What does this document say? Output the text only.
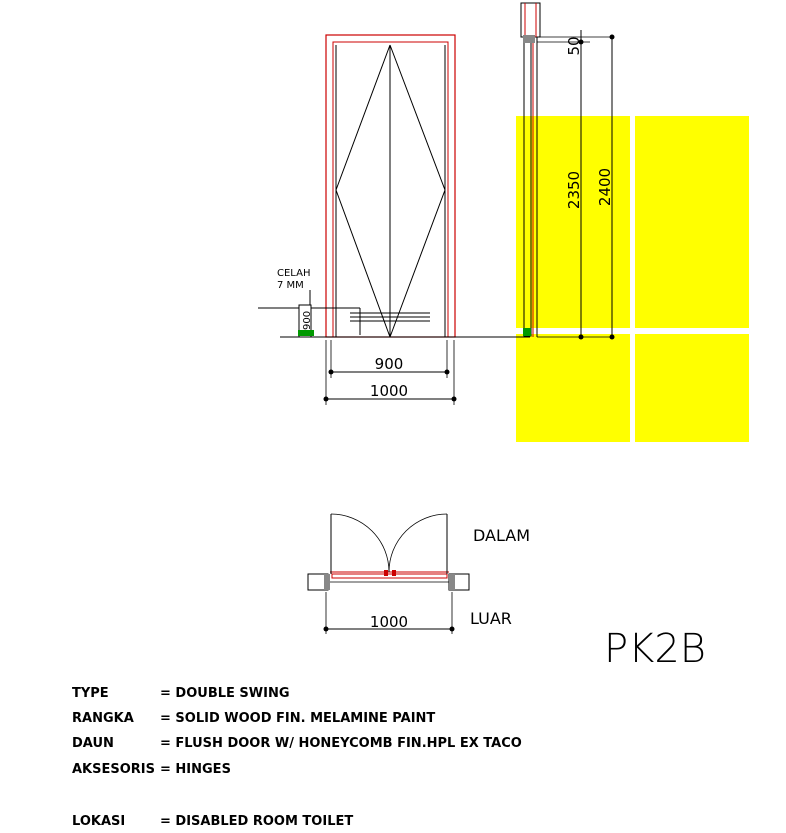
CELAH
7 MM
900
900
1000
50
2350 2400
1000
DALAM
LUAR
PK2B
TYPE	= DOUBLE SWING
RANGKA = SOLID WOOD FIN. MELAMINE PAINT
DAUN	= FLUSH DOOR W/ HONEYCOMB FIN.HPL EX TACO
AKSESORIS = HINGES
LOKASI	= DISABLED ROOM TOILET
